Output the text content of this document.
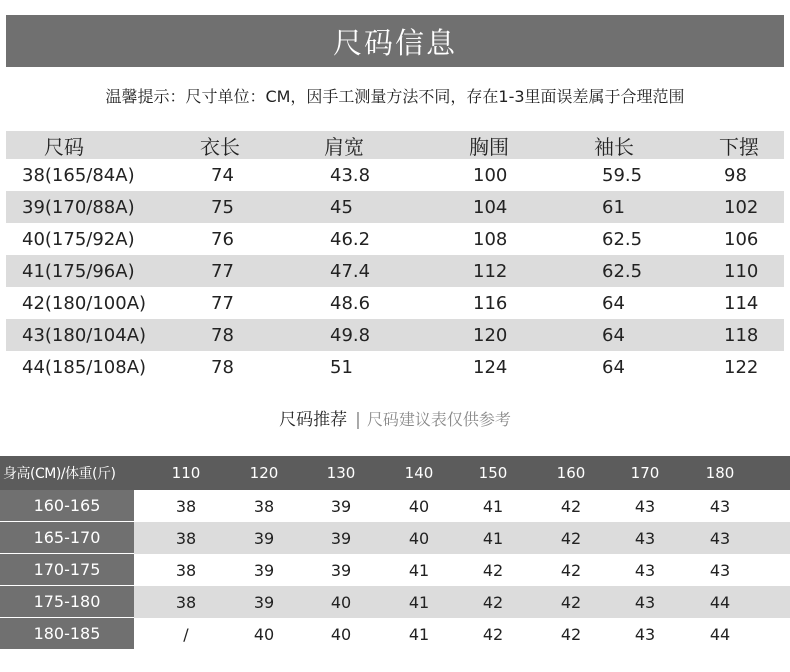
尺码信息
温馨提示：尺寸单位：CM，因手工测量方法不同，存在1-3里面误差属于合理范围
尺码	衣长	肩宽	胸围	袖长	下摆
38(165/84A)	74	43.8	100	59.5	98
39(170/88A)	75	45	104	61	102
40(175/92A)	76	46.2	108	62.5	106
41(175/96A)	77	47.4	112	62.5	110
42(180/100A)	77	48.6	116	64	114
43(180/104A)	78	49.8	120	64	118
44(185/108A)	78	51	124	64	122
尺码推荐 | 尺码建议表仅供参考
身高(CM)/体重(斤)	110	120	130	140	150	160	170	180
160-165	38	38	39	40	41	42	43	43
165-170	38	39	39	40	41	42	43	43
170-175	38	39	39	41	42	42	43	43
175-180	38	39	40	41	42	42	43	44
180-185	/	40	40	41	42	42	43	44
